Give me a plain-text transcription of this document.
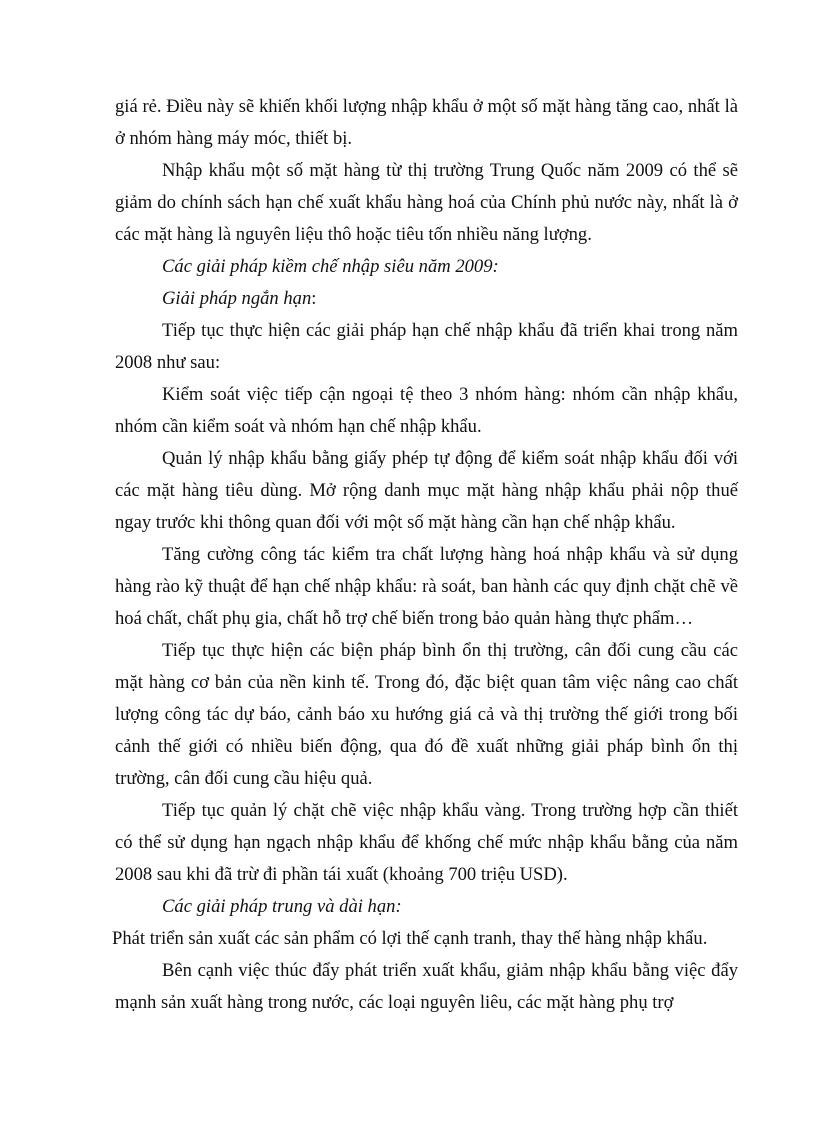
giá rẻ. Điều này sẽ khiến khối lượng nhập khẩu ở một số mặt hàng tăng cao, nhất là ở nhóm hàng máy móc, thiết bị.

Nhập khẩu một số mặt hàng từ thị trường Trung Quốc năm 2009 có thể sẽ giảm do chính sách hạn chế xuất khẩu hàng hoá của Chính phủ nước này, nhất là ở các mặt hàng là nguyên liệu thô hoặc tiêu tốn nhiều năng lượng.

Các giải pháp kiềm chế nhập siêu năm 2009:

Giải pháp ngắn hạn:

Tiếp tục thực hiện các giải pháp hạn chế nhập khẩu đã triển khai trong năm 2008 như sau:

Kiểm soát việc tiếp cận ngoại tệ theo 3 nhóm hàng: nhóm cần nhập khẩu, nhóm cần kiểm soát và nhóm hạn chế nhập khẩu.

Quản lý nhập khẩu bằng giấy phép tự động để kiểm soát nhập khẩu đối với các mặt hàng tiêu dùng. Mở rộng danh mục mặt hàng nhập khẩu phải nộp thuế ngay trước khi thông quan đối với một số mặt hàng cần hạn chế nhập khẩu.

Tăng cường công tác kiểm tra chất lượng hàng hoá nhập khẩu và sử dụng hàng rào kỹ thuật để hạn chế nhập khẩu: rà soát, ban hành các quy định chặt chẽ về hoá chất, chất phụ gia, chất hỗ trợ chế biến trong bảo quản hàng thực phẩm…

Tiếp tục thực hiện các biện pháp bình ổn thị trường, cân đối cung cầu các mặt hàng cơ bản của nền kinh tế. Trong đó, đặc biệt quan tâm việc nâng cao chất lượng công tác dự báo, cảnh báo xu hướng giá cả và thị trường thế giới trong bối cảnh thế giới có nhiều biến động, qua đó đề xuất những giải pháp bình ổn thị trường, cân đối cung cầu hiệu quả.

Tiếp tục quản lý chặt chẽ việc nhập khẩu vàng. Trong trường hợp cần thiết có thể sử dụng hạn ngạch nhập khẩu để khống chế mức nhập khẩu bằng của năm 2008 sau khi đã trừ đi phần tái xuất (khoảng 700 triệu USD).

Các giải pháp trung và dài hạn:

Phát triển sản xuất các sản phẩm có lợi thế cạnh tranh, thay thế hàng nhập khẩu.

Bên cạnh việc thúc đẩy phát triển xuất khẩu, giảm nhập khẩu bằng việc đẩy mạnh sản xuất hàng trong nước, các loại nguyên liêu, các mặt hàng phụ trợ
